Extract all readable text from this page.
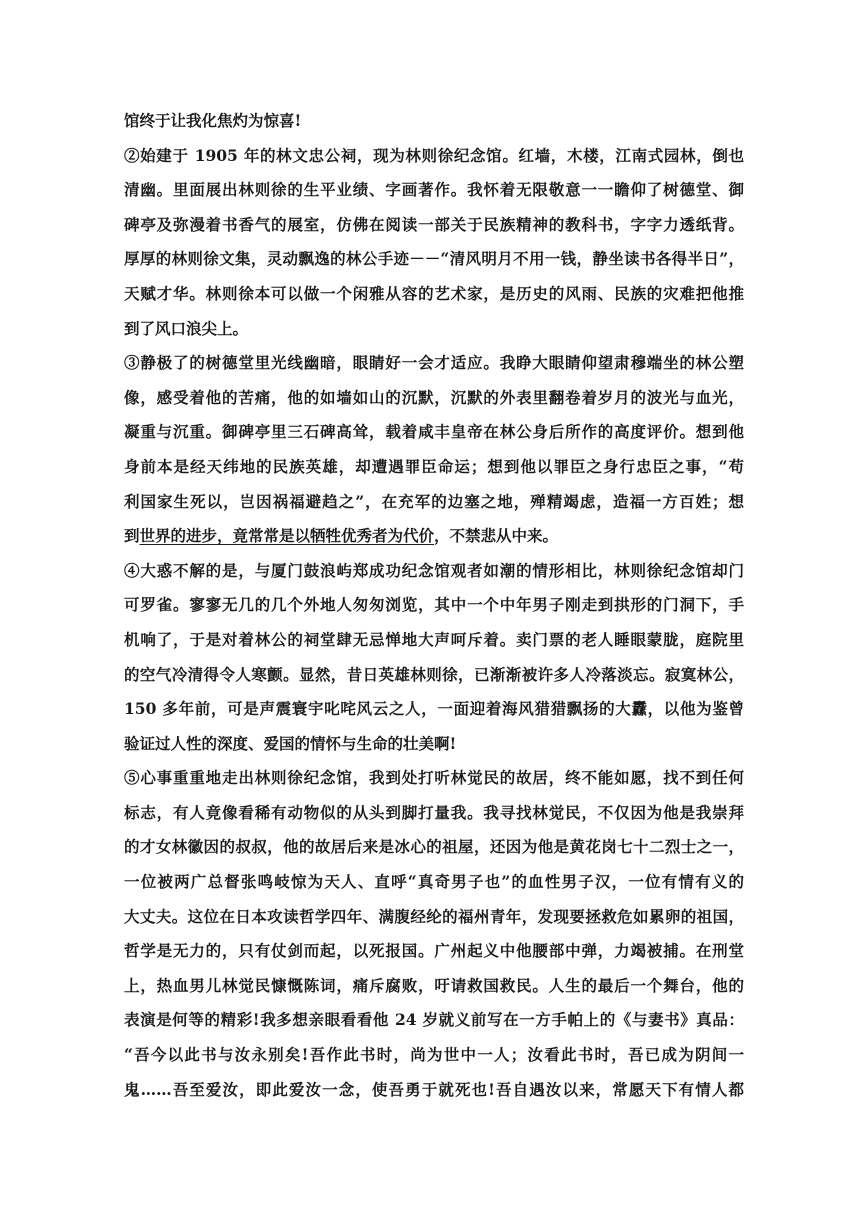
馆终于让我化焦灼为惊喜!
②始建于 1905 年的林文忠公祠，现为林则徐纪念馆。红墙，木楼，江南式园林，倒也
清幽。里面展出林则徐的生平业绩、字画著作。我怀着无限敬意一一瞻仰了树德堂、御
碑亭及弥漫着书香气的展室，仿佛在阅读一部关于民族精神的教科书，字字力透纸背。
厚厚的林则徐文集，灵动飘逸的林公手迹－－“清风明月不用一钱，静坐读书各得半日”，
天赋才华。林则徐本可以做一个闲雅从容的艺术家，是历史的风雨、民族的灾难把他推
到了风口浪尖上。
③静极了的树德堂里光线幽暗，眼睛好一会才适应。我睁大眼睛仰望肃穆端坐的林公塑
像，感受着他的苦痛，他的如墙如山的沉默，沉默的外表里翻卷着岁月的波光与血光，
凝重与沉重。御碑亭里三石碑高耸，载着咸丰皇帝在林公身后所作的高度评价。想到他
身前本是经天纬地的民族英雄，却遭遇罪臣命运；想到他以罪臣之身行忠臣之事，“苟
利国家生死以，岂因祸福避趋之”，在充军的边塞之地，殚精竭虑，造福一方百姓；想
到世界的进步，竟常常是以牺牲优秀者为代价，不禁悲从中来。
④大惑不解的是，与厦门鼓浪屿郑成功纪念馆观者如潮的情形相比，林则徐纪念馆却门
可罗雀。寥寥无几的几个外地人匆匆浏览，其中一个中年男子刚走到拱形的门洞下，手
机响了，于是对着林公的祠堂肆无忌惮地大声呵斥着。卖门票的老人睡眼蒙胧，庭院里
的空气冷清得令人寒颤。显然，昔日英雄林则徐，已渐渐被许多人冷落淡忘。寂寞林公，
150 多年前，可是声震寰宇叱咤风云之人，一面迎着海风猎猎飘扬的大纛，以他为鉴曾
验证过人性的深度、爱国的情怀与生命的壮美啊!
⑤心事重重地走出林则徐纪念馆，我到处打听林觉民的故居，终不能如愿，找不到任何
标志，有人竟像看稀有动物似的从头到脚打量我。我寻找林觉民，不仅因为他是我崇拜
的才女林徽因的叔叔，他的故居后来是冰心的祖屋，还因为他是黄花岗七十二烈士之一，
一位被两广总督张鸣岐惊为天人、直呼“真奇男子也”的血性男子汉，一位有情有义的
大丈夫。这位在日本攻读哲学四年、满腹经纶的福州青年，发现要拯救危如累卵的祖国，
哲学是无力的，只有仗剑而起，以死报国。广州起义中他腰部中弹，力竭被捕。在刑堂
上，热血男儿林觉民慷慨陈词，痛斥腐败，吁请救国救民。人生的最后一个舞台，他的
表演是何等的精彩!我多想亲眼看看他 24 岁就义前写在一方手帕上的《与妻书》真品：
“吾今以此书与汝永别矣!吾作此书时，尚为世中一人；汝看此书时，吾已成为阴间一
鬼……吾至爱汝，即此爱汝一念，使吾勇于就死也!吾自遇汝以来，常愿天下有情人都
